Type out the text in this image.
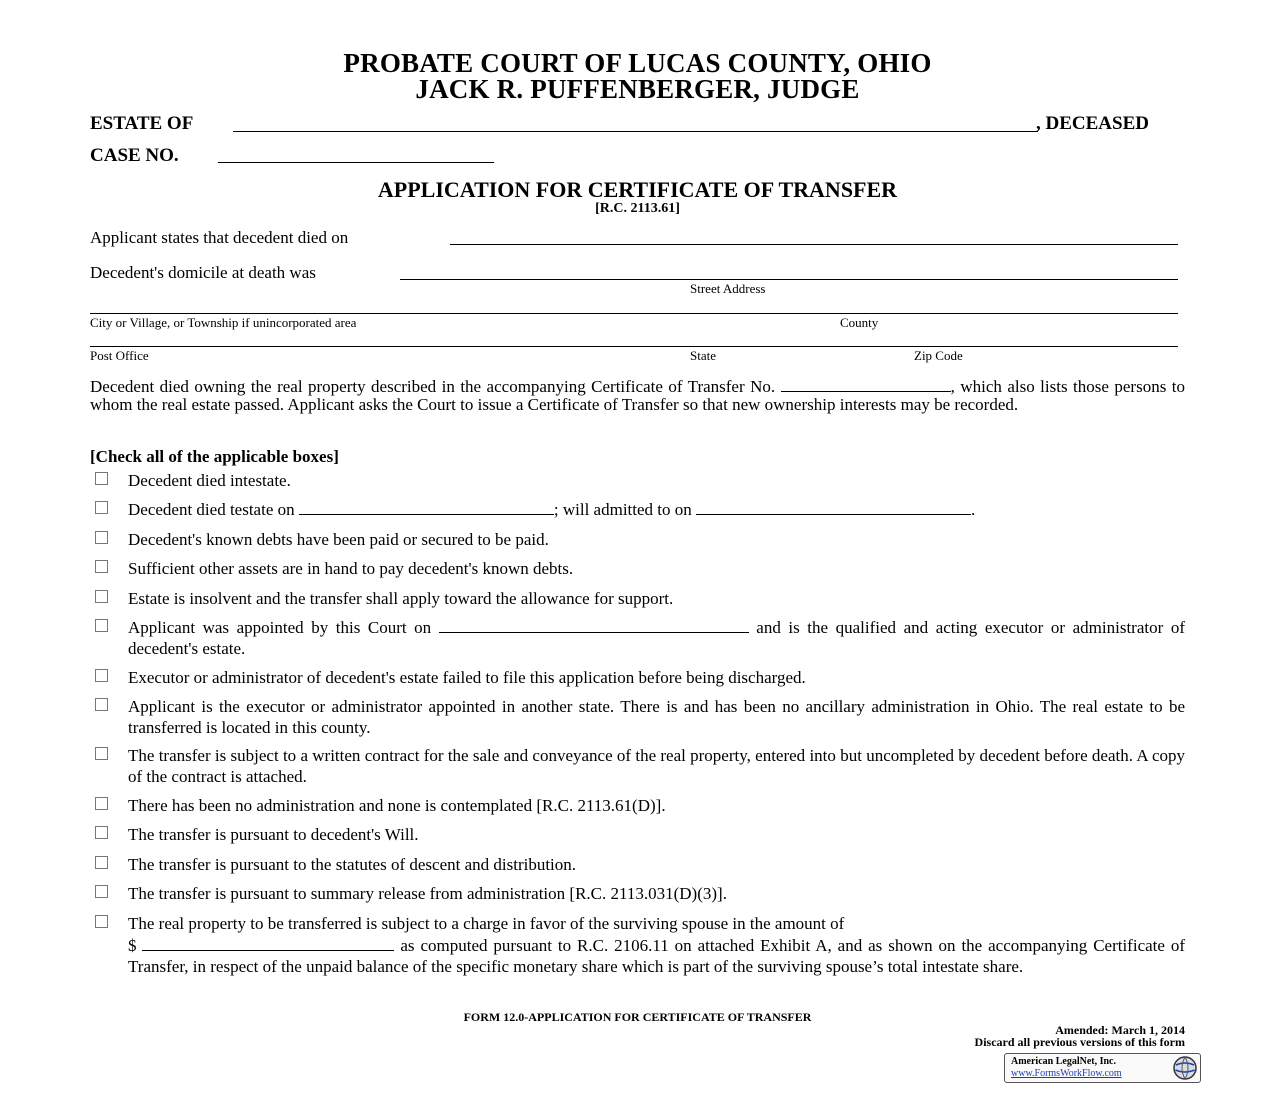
PROBATE COURT OF LUCAS COUNTY, OHIO
JACK R. PUFFENBERGER, JUDGE
ESTATE OF	, DECEASED
CASE NO.
APPLICATION FOR CERTIFICATE OF TRANSFER
[R.C. 2113.61]
Applicant states that decedent died on
Decedent's domicile at death was
Street Address
City or Village, or Township if unincorporated area	County
Post Office	State	Zip Code
Decedent died owning the real property described in the accompanying Certificate of Transfer No.	, which also lists those persons to whom the real estate passed. Applicant asks the Court to issue a Certificate of Transfer so that new ownership interests may be recorded.
[Check all of the applicable boxes]
Decedent died intestate.
Decedent died testate on	; will admitted to on	.
Decedent's known debts have been paid or secured to be paid.
Sufficient other assets are in hand to pay decedent's known debts.
Estate is insolvent and the transfer shall apply toward the allowance for support.
Applicant was appointed by this Court on	and is the qualified and acting executor or administrator of decedent's estate.
Executor or administrator of decedent's estate failed to file this application before being discharged.
Applicant is the executor or administrator appointed in another state. There is and has been no ancillary administration in Ohio. The real estate to be transferred is located in this county.
The transfer is subject to a written contract for the sale and conveyance of the real property, entered into but uncompleted by decedent before death. A copy of the contract is attached.
There has been no administration and none is contemplated [R.C. 2113.61(D)].
The transfer is pursuant to decedent's Will.
The transfer is pursuant to the statutes of descent and distribution.
The transfer is pursuant to summary release from administration [R.C. 2113.031(D)(3)].
The real property to be transferred is subject to a charge in favor of the surviving spouse in the amount of
$	as computed pursuant to R.C. 2106.11 on attached Exhibit A, and as shown on the accompanying Certificate of Transfer, in respect of the unpaid balance of the specific monetary share which is part of the surviving spouse’s total intestate share.
FORM 12.0-APPLICATION FOR CERTIFICATE OF TRANSFER
Amended: March 1, 2014
Discard all previous versions of this form
American LegalNet, Inc.
www.FormsWorkFlow.com
